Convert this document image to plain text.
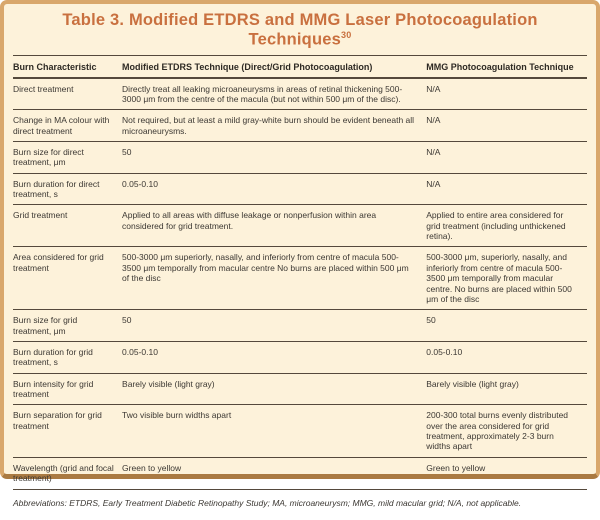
Table 3. Modified ETDRS and MMG Laser Photocoagulation Techniques$^{30}$
Burn Characteristic	Modified ETDRS Technique (Direct/Grid Photocoagulation)	MMG Photocoagulation Technique
Direct treatment	Directly treat all leaking microaneurysms in areas of retinal thickening 500-3000 μm from the centre of the macula (but not within 500 μm of the disc).	N/A
Change in MA colour with direct treatment	Not required, but at least a mild gray-white burn should be evident beneath all microaneurysms.	N/A
Burn size for direct treatment, μm	50	N/A
Burn duration for direct treatment, s	0.05-0.10	N/A
Grid treatment	Applied to all areas with diffuse leakage or nonperfusion within area considered for grid treatment.	Applied to entire area considered for grid treatment (including unthickened retina).
Area considered for grid treatment	500-3000 μm superiorly, nasally, and inferiorly from centre of macula 500-3500 μm temporally from macular centre No burns are placed within 500 μm of the disc	500-3000 μm, superiorly, nasally, and inferiorly from centre of macula 500-3500 μm temporally from macular centre. No burns are placed within 500 μm of the disc
Burn size for grid treatment, μm	50	50
Burn duration for grid treatment, s	0.05-0.10	0.05-0.10
Burn intensity for grid treatment	Barely visible (light gray)	Barely visible (light gray)
Burn separation for grid treatment	Two visible burn widths apart	200-300 total burns evenly distributed over the area considered for grid treatment, approximately 2-3 burn widths apart
Wavelength (grid and focal treatment)	Green to yellow	Green to yellow
Abbreviations: ETDRS, Early Treatment Diabetic Retinopathy Study; MA, microaneurysm; MMG, mild macular grid; N/A, not applicable.
